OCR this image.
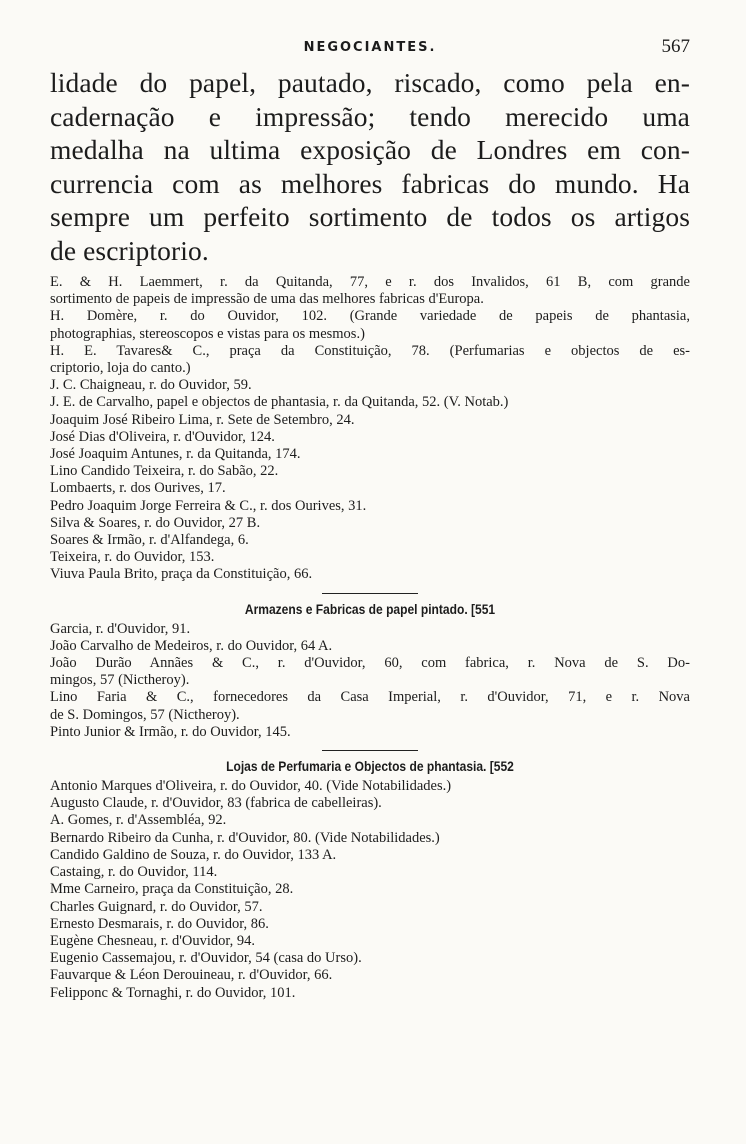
NEGOCIANTES.	567
lidade do papel, pautado, riscado, como pela en-
cadernação e impressão; tendo merecido uma
medalha na ultima exposição de Londres em con-
currencia com as melhores fabricas do mundo. Ha
sempre um perfeito sortimento de todos os artigos
de escriptorio.
E. & H. Laemmert, r. da Quitanda, 77, e r. dos Invalidos, 61 B, com grande
sortimento de papeis de impressão de uma das melhores fabricas d'Europa.
H. Domère, r. do Ouvidor, 102. (Grande variedade de papeis de phantasia,
photographias, stereoscopos e vistas para os mesmos.)
H. E. Tavares& C., praça da Constituição, 78. (Perfumarias e objectos de es-
criptorio, loja do canto.)
J. C. Chaigneau, r. do Ouvidor, 59.
J. E. de Carvalho, papel e objectos de phantasia, r. da Quitanda, 52. (V. Notab.)
Joaquim José Ribeiro Lima, r. Sete de Setembro, 24.
José Dias d'Oliveira, r. d'Ouvidor, 124.
José Joaquim Antunes, r. da Quitanda, 174.
Lino Candido Teixeira, r. do Sabão, 22.
Lombaerts, r. dos Ourives, 17.
Pedro Joaquim Jorge Ferreira & C., r. dos Ourives, 31.
Silva & Soares, r. do Ouvidor, 27 B.
Soares & Irmão, r. d'Alfandega, 6.
Teixeira, r. do Ouvidor, 153.
Viuva Paula Brito, praça da Constituição, 66.
Armazens e Fabricas de papel pintado. [551
Garcia, r. d'Ouvidor, 91.
João Carvalho de Medeiros, r. do Ouvidor, 64 A.
João Durão Annães & C., r. d'Ouvidor, 60, com fabrica, r. Nova de S. Do-
mingos, 57 (Nictheroy).
Lino Faria & C., fornecedores da Casa Imperial, r. d'Ouvidor, 71, e r. Nova
de S. Domingos, 57 (Nictheroy).
Pinto Junior & Irmão, r. do Ouvidor, 145.
Lojas de Perfumaria e Objectos de phantasia. [552
Antonio Marques d'Oliveira, r. do Ouvidor, 40. (Vide Notabilidades.)
Augusto Claude, r. d'Ouvidor, 83 (fabrica de cabelleiras).
A. Gomes, r. d'Assembléa, 92.
Bernardo Ribeiro da Cunha, r. d'Ouvidor, 80. (Vide Notabilidades.)
Candido Galdino de Souza, r. do Ouvidor, 133 A.
Castaing, r. do Ouvidor, 114.
Mme Carneiro, praça da Constituição, 28.
Charles Guignard, r. do Ouvidor, 57.
Ernesto Desmarais, r. do Ouvidor, 86.
Eugène Chesneau, r. d'Ouvidor, 94.
Eugenio Cassemajou, r. d'Ouvidor, 54 (casa do Urso).
Fauvarque & Léon Derouineau, r. d'Ouvidor, 66.
Felipponc & Tornaghi, r. do Ouvidor, 101.
